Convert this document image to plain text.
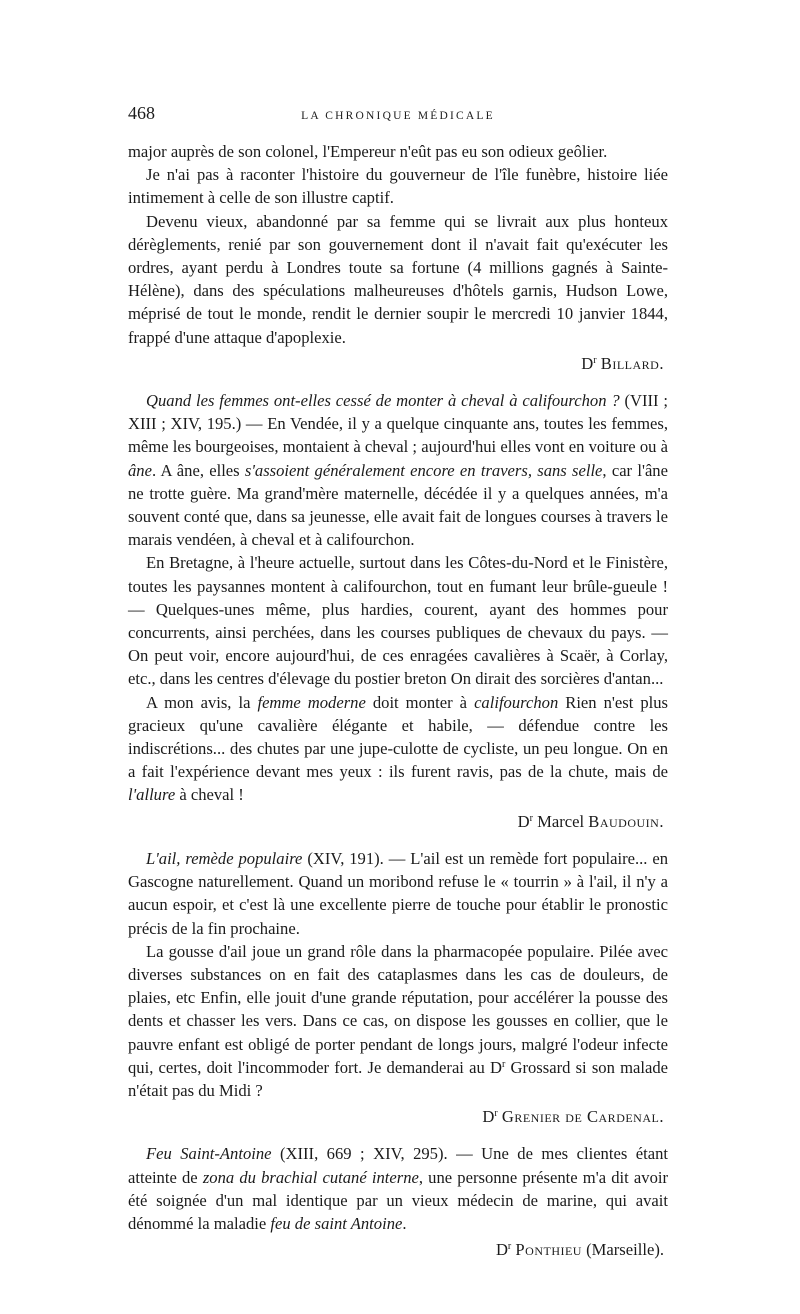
468	LA CHRONIQUE MÉDICALE

major auprès de son colonel, l'Empereur n'eût pas eu son odieux geôlier.

Je n'ai pas à raconter l'histoire du gouverneur de l'île funèbre, histoire liée intimement à celle de son illustre captif.

Devenu vieux, abandonné par sa femme qui se livrait aux plus honteux dérèglements, renié par son gouvernement dont il n'avait fait qu'exécuter les ordres, ayant perdu à Londres toute sa fortune (4 millions gagnés à Sainte-Hélène), dans des spéculations malheureuses d'hôtels garnis, Hudson Lowe, méprisé de tout le monde, rendit le dernier soupir le mercredi 10 janvier 1844, frappé d'une attaque d'apoplexie.

$D^r$ Billard.

Quand les femmes ont-elles cessé de monter à cheval à califourchon ? (VIII ; XIII ; XIV, 195.) — En Vendée, il y a quelque cinquante ans, toutes les femmes, même les bourgeoises, montaient à cheval ; aujourd'hui elles vont en voiture ou à âne. A âne, elles s'assoient généralement encore en travers, sans selle, car l'âne ne trotte guère. Ma grand'mère maternelle, décédée il y a quelques années, m'a souvent conté que, dans sa jeunesse, elle avait fait de longues courses à travers le marais vendéen, à cheval et à califourchon.

En Bretagne, à l'heure actuelle, surtout dans les Côtes-du-Nord et le Finistère, toutes les paysannes montent à califourchon, tout en fumant leur brûle-gueule ! — Quelques-unes même, plus hardies, courent, ayant des hommes pour concurrents, ainsi perchées, dans les courses publiques de chevaux du pays. — On peut voir, encore aujourd'hui, de ces enragées cavalières à Scaër, à Corlay, etc., dans les centres d'élevage du postier breton On dirait des sorcières d'antan...

A mon avis, la femme moderne doit monter à califourchon Rien n'est plus gracieux qu'une cavalière élégante et habile, — défendue contre les indiscrétions... des chutes par une jupe-culotte de cycliste, un peu longue. On en a fait l'expérience devant mes yeux : ils furent ravis, pas de la chute, mais de l'allure à cheval !

$D^r$ Marcel Baudouin.

L'ail, remède populaire (XIV, 191). — L'ail est un remède fort populaire... en Gascogne naturellement. Quand un moribond refuse le « tourrin » à l'ail, il n'y a aucun espoir, et c'est là une excellente pierre de touche pour établir le pronostic précis de la fin prochaine.

La gousse d'ail joue un grand rôle dans la pharmacopée populaire. Pilée avec diverses substances on en fait des cataplasmes dans les cas de douleurs, de plaies, etc Enfin, elle jouit d'une grande réputation, pour accélérer la pousse des dents et chasser les vers. Dans ce cas, on dispose les gousses en collier, que le pauvre enfant est obligé de porter pendant de longs jours, malgré l'odeur infecte qui, certes, doit l'incommoder fort. Je demanderai au $D^r$ Grossard si son malade n'était pas du Midi ?

$D^r$ Grenier de Cardenal.

Feu Saint-Antoine (XIII, 669 ; XIV, 295). — Une de mes clientes étant atteinte de zona du brachial cutané interne, une personne présente m'a dit avoir été soignée d'un mal identique par un vieux médecin de marine, qui avait dénommé la maladie feu de saint Antoine.

$D^r$ Ponthieu (Marseille).
